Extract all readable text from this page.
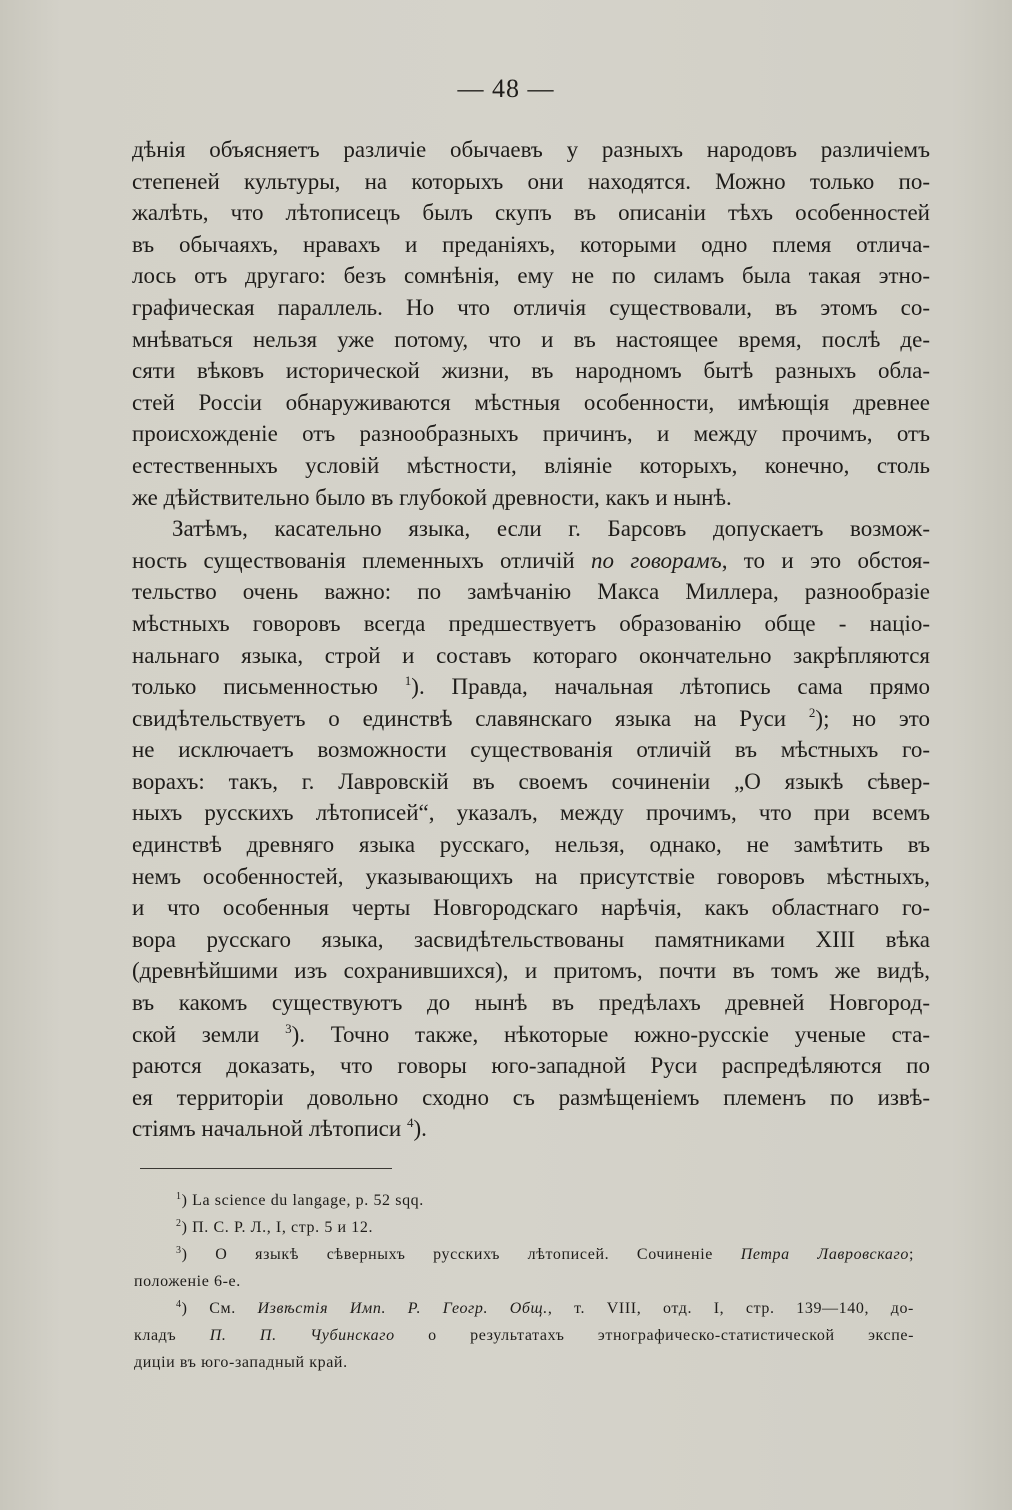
— 48 —
дѣнія объясняетъ различіе обычаевъ у разныхъ народовъ различіемъ
степеней культуры, на которыхъ они находятся. Можно только по-
жалѣть, что лѣтописецъ былъ скупъ въ описаніи тѣхъ особенностей
въ обычаяхъ, нравахъ и преданіяхъ, которыми одно племя отлича-
лось отъ другаго: безъ сомнѣнія, ему не по силамъ была такая этно-
графическая параллель. Но что отличія существовали, въ этомъ со-
мнѣваться нельзя уже потому, что и въ настоящее время, послѣ де-
сяти вѣковъ исторической жизни, въ народномъ бытѣ разныхъ обла-
стей Россіи обнаруживаются мѣстныя особенности, имѣющія древнее
происхожденіе отъ разнообразныхъ причинъ, и между прочимъ, отъ
естественныхъ условій мѣстности, вліяніе которыхъ, конечно, столь
же дѣйствительно было въ глубокой древности, какъ и нынѣ.
Затѣмъ, касательно языка, если г. Барсовъ допускаетъ возмож-
ность существованія племенныхъ отличій по говорамъ, то и это обстоя-
тельство очень важно: по замѣчанію Макса Миллера, разнообразіе
мѣстныхъ говоровъ всегда предшествуетъ образованію обще - націо-
нальнаго языка, строй и составъ котораго окончательно закрѣпляются
только письменностью $^1$). Правда, начальная лѣтопись сама прямо
свидѣтельствуетъ о единствѣ славянскаго языка на Руси $^2$); но это
не исключаетъ возможности существованія отличій въ мѣстныхъ го-
ворахъ: такъ, г. Лавровскій въ своемъ сочиненіи „О языкѣ сѣвер-
ныхъ русскихъ лѣтописей“, указалъ, между прочимъ, что при всемъ
единствѣ древняго языка русскаго, нельзя, однако, не замѣтить въ
немъ особенностей, указывающихъ на присутствіе говоровъ мѣстныхъ,
и что особенныя черты Новгородскаго нарѣчія, какъ областнаго го-
вора русскаго языка, засвидѣтельствованы памятниками XIII вѣка
(древнѣйшими изъ сохранившихся), и притомъ, почти въ томъ же видѣ,
въ какомъ существуютъ до нынѣ въ предѣлахъ древней Новгород-
ской земли $^3$). Точно также, нѣкоторые южно-русскіе ученые ста-
раются доказать, что говоры юго-западной Руси распредѣляются по
ея территоріи довольно сходно съ размѣщеніемъ племенъ по извѣ-
стіямъ начальной лѣтописи $^4$).
$^1$) La science du langage, p. 52 sqq.
$^2$) П. С. Р. Л., I, стр. 5 и 12.
$^3$) О языкѣ сѣверныхъ русскихъ лѣтописей. Сочиненіе Петра Лавровскаго;
положеніе 6-е.
$^4$) См. Извѣстія Имп. Р. Геогр. Общ., т. VIII, отд. I, стр. 139—140, до-
кладъ П. П. Чубинскаго о результатахъ этнографическо-статистической экспе-
диціи въ юго-западный край.
